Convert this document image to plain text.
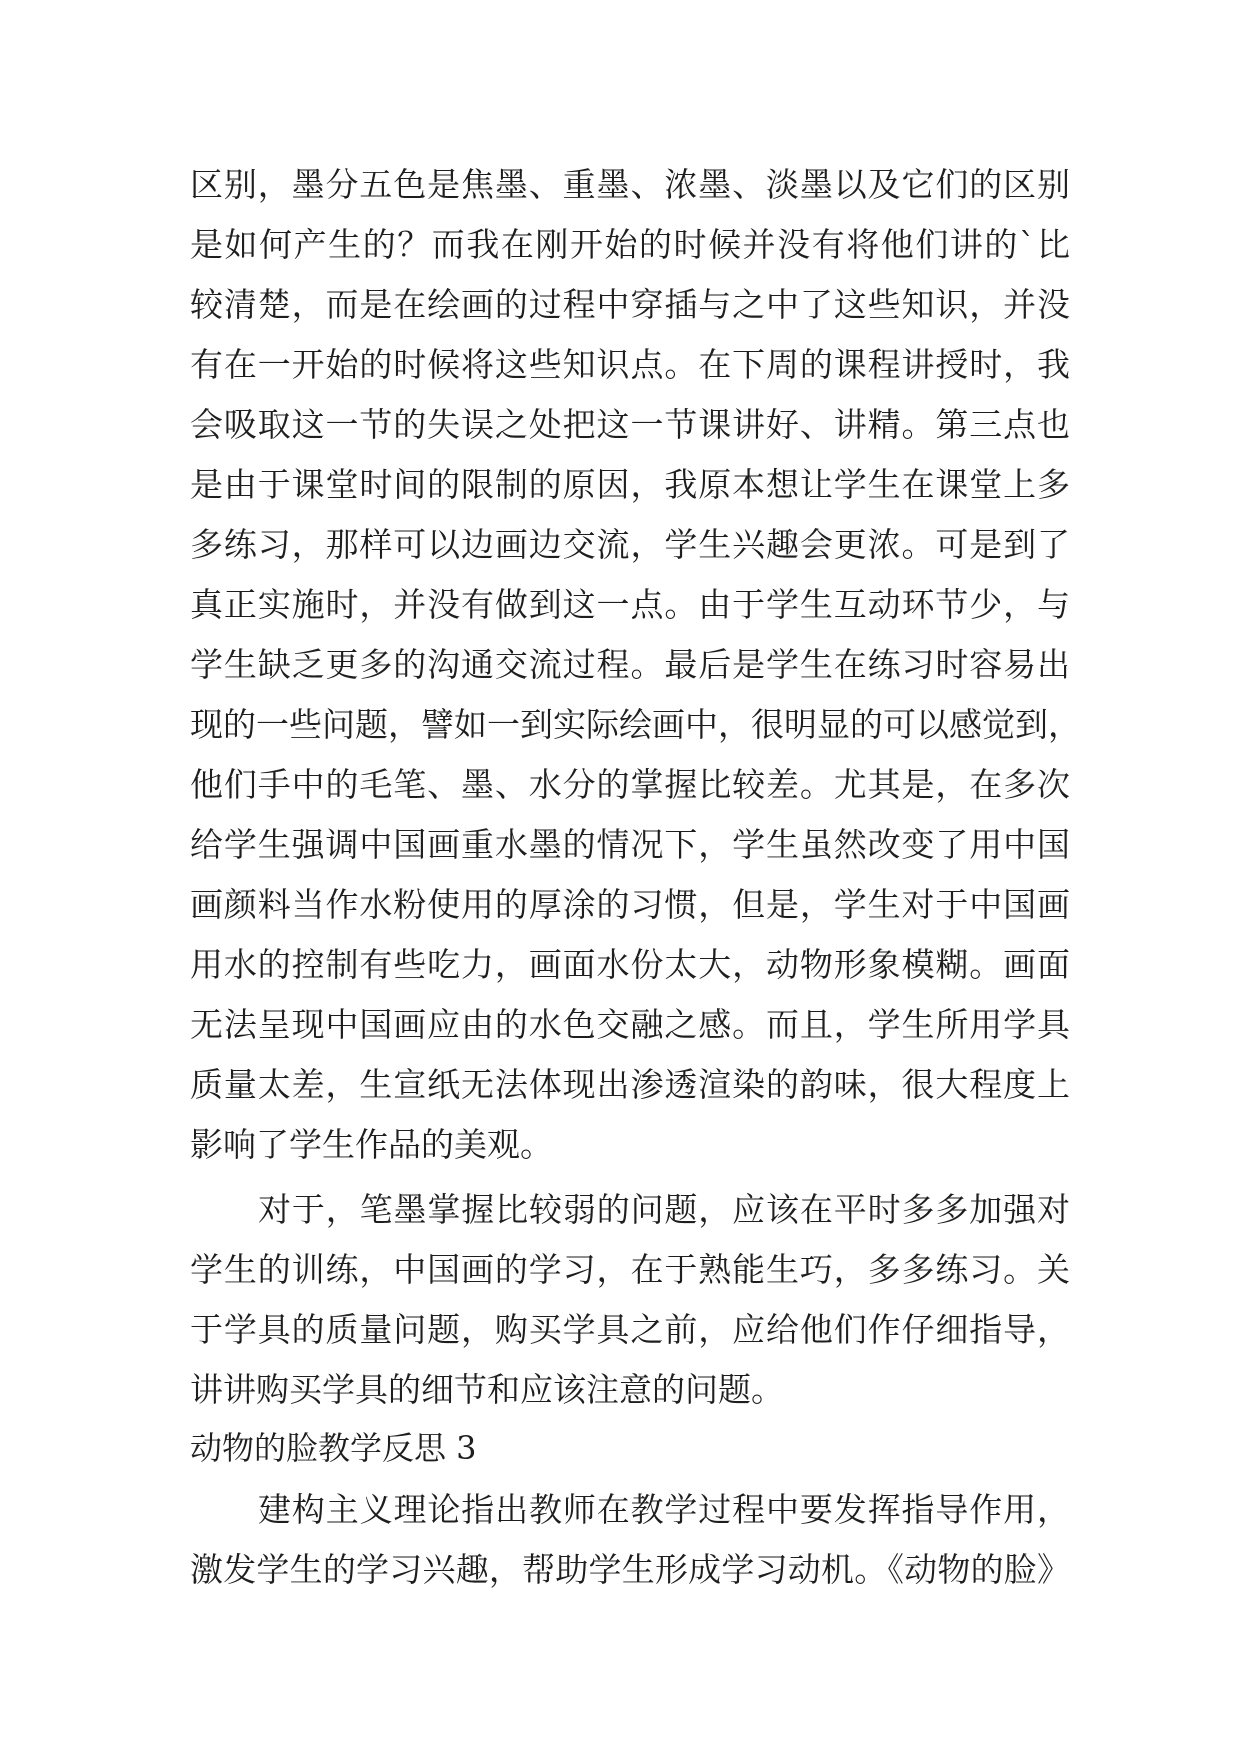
区别，墨分五色是焦墨、重墨、浓墨、淡墨以及它们的区别
是如何产生的？而我在刚开始的时候并没有将他们讲的`比
较清楚，而是在绘画的过程中穿插与之中了这些知识，并没
有在一开始的时候将这些知识点。在下周的课程讲授时，我
会吸取这一节的失误之处把这一节课讲好、讲精。第三点也
是由于课堂时间的限制的原因，我原本想让学生在课堂上多
多练习，那样可以边画边交流，学生兴趣会更浓。可是到了
真正实施时，并没有做到这一点。由于学生互动环节少，与
学生缺乏更多的沟通交流过程。最后是学生在练习时容易出
现的一些问题，譬如一到实际绘画中，很明显的可以感觉到，
他们手中的毛笔、墨、水分的掌握比较差。尤其是，在多次
给学生强调中国画重水墨的情况下，学生虽然改变了用中国
画颜料当作水粉使用的厚涂的习惯，但是，学生对于中国画
用水的控制有些吃力，画面水份太大，动物形象模糊。画面
无法呈现中国画应由的水色交融之感。而且，学生所用学具
质量太差，生宣纸无法体现出渗透渲染的韵味，很大程度上
影响了学生作品的美观。
对于，笔墨掌握比较弱的问题，应该在平时多多加强对
学生的训练，中国画的学习，在于熟能生巧，多多练习。关
于学具的质量问题，购买学具之前，应给他们作仔细指导，
讲讲购买学具的细节和应该注意的问题。
动物的脸教学反思 3
建构主义理论指出教师在教学过程中要发挥指导作用，
激发学生的学习兴趣，帮助学生形成学习动机。《动物的脸》
